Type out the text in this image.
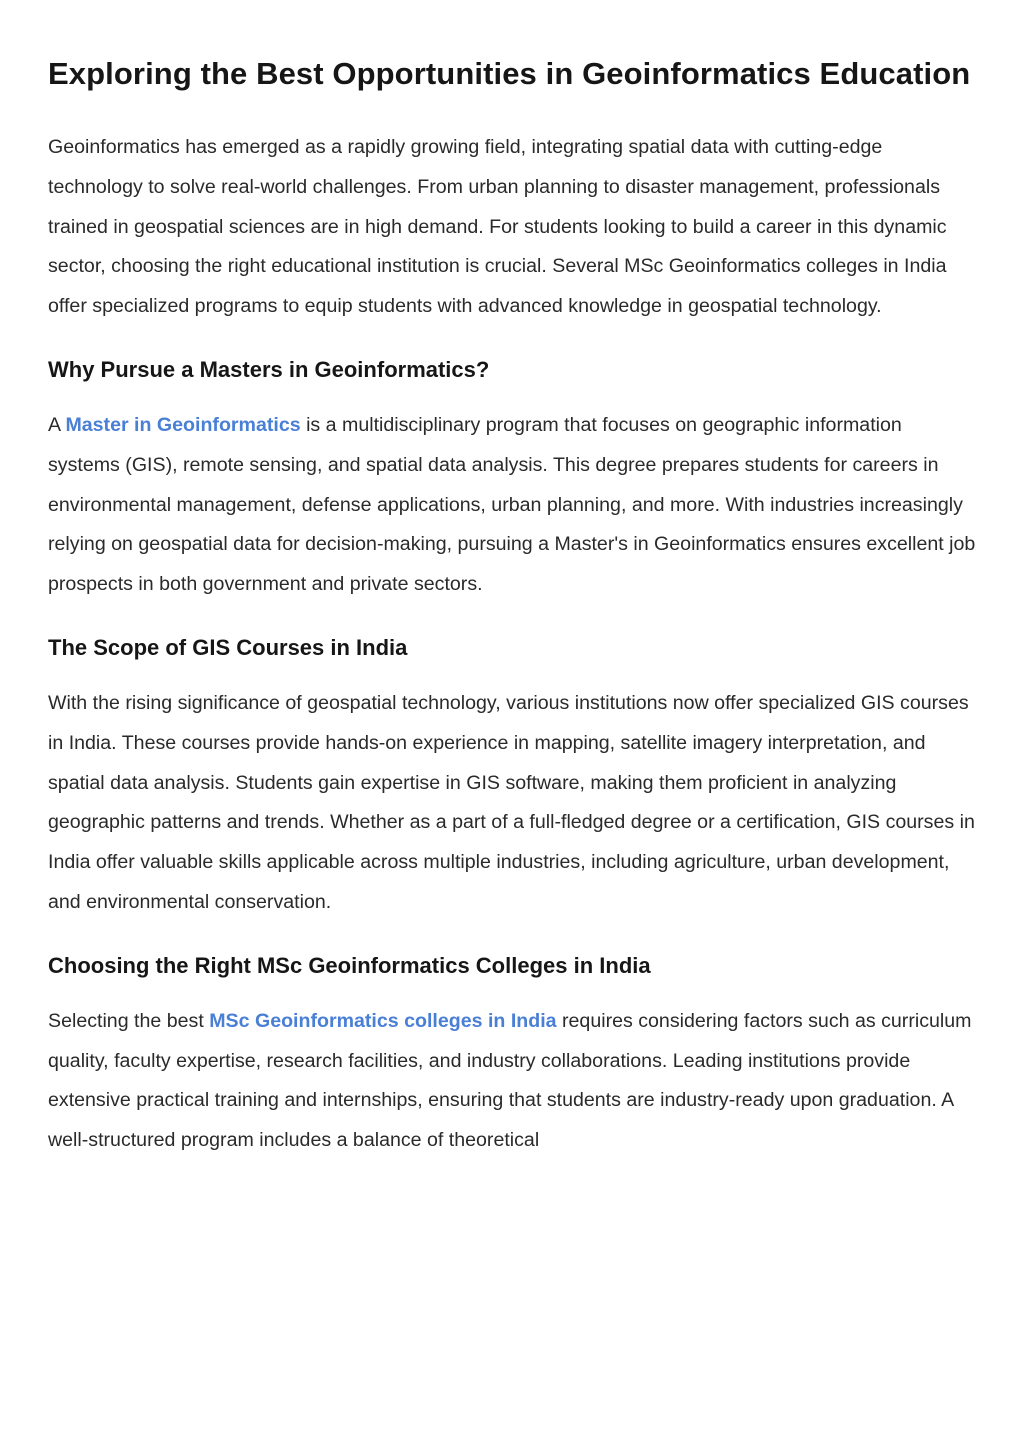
Exploring the Best Opportunities in Geoinformatics Education

Geoinformatics has emerged as a rapidly growing field, integrating spatial data with cutting-edge technology to solve real-world challenges. From urban planning to disaster management, professionals trained in geospatial sciences are in high demand. For students looking to build a career in this dynamic sector, choosing the right educational institution is crucial. Several MSc Geoinformatics colleges in India offer specialized programs to equip students with advanced knowledge in geospatial technology.

Why Pursue a Masters in Geoinformatics?

A Master in Geoinformatics is a multidisciplinary program that focuses on geographic information systems (GIS), remote sensing, and spatial data analysis. This degree prepares students for careers in environmental management, defense applications, urban planning, and more. With industries increasingly relying on geospatial data for decision-making, pursuing a Master's in Geoinformatics ensures excellent job prospects in both government and private sectors.

The Scope of GIS Courses in India

With the rising significance of geospatial technology, various institutions now offer specialized GIS courses in India. These courses provide hands-on experience in mapping, satellite imagery interpretation, and spatial data analysis. Students gain expertise in GIS software, making them proficient in analyzing geographic patterns and trends. Whether as a part of a full-fledged degree or a certification, GIS courses in India offer valuable skills applicable across multiple industries, including agriculture, urban development, and environmental conservation.

Choosing the Right MSc Geoinformatics Colleges in India

Selecting the best MSc Geoinformatics colleges in India requires considering factors such as curriculum quality, faculty expertise, research facilities, and industry collaborations. Leading institutions provide extensive practical training and internships, ensuring that students are industry-ready upon graduation. A well-structured program includes a balance of theoretical
